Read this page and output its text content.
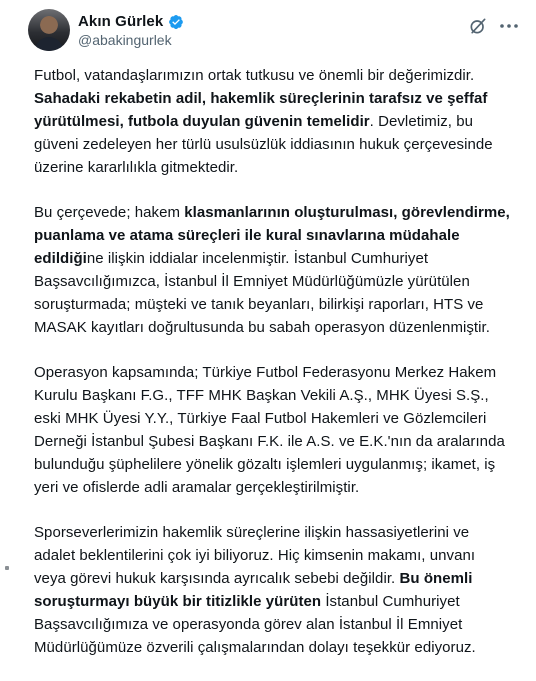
Akın Gürlek
@abakingurlek

Futbol, vatandaşlarımızın ortak tutkusu ve önemli bir değerimizdir. Sahadaki rekabetin adil, hakemlik süreçlerinin tarafsız ve şeffaf yürütülmesi, futbola duyulan güvenin temelidir. Devletimiz, bu güveni zedeleyen her türlü usulsüzlük iddiasının hukuk çerçevesinde üzerine kararlılıkla gitmektedir.

Bu çerçevede; hakem klasmanlarının oluşturulması, görevlendirme, puanlama ve atama süreçleri ile kural sınavlarına müdahale edildiğine ilişkin iddialar incelenmiştir. İstanbul Cumhuriyet Başsavcılığımızca, İstanbul İl Emniyet Müdürlüğümüzle yürütülen soruşturmada; müşteki ve tanık beyanları, bilirkişi raporları, HTS ve MASAK kayıtları doğrultusunda bu sabah operasyon düzenlenmiştir.

Operasyon kapsamında; Türkiye Futbol Federasyonu Merkez Hakem Kurulu Başkanı F.G., TFF MHK Başkan Vekili A.Ş., MHK Üyesi S.Ş., eski MHK Üyesi Y.Y., Türkiye Faal Futbol Hakemleri ve Gözlemcileri Derneği İstanbul Şubesi Başkanı F.K. ile A.S. ve E.K.'nın da aralarında bulunduğu şüphelilere yönelik gözaltı işlemleri uygulanmış; ikamet, iş yeri ve ofislerde adli aramalar gerçekleştirilmiştir.

Sporseverlerimizin hakemlik süreçlerine ilişkin hassasiyetlerini ve adalet beklentilerini çok iyi biliyoruz. Hiç kimsenin makamı, unvanı veya görevi hukuk karşısında ayrıcalık sebebi değildir. Bu önemli soruşturmayı büyük bir titizlikle yürüten İstanbul Cumhuriyet Başsavcılığımıza ve operasyonda görev alan İstanbul İl Emniyet Müdürlüğümüze özverili çalışmalarından dolayı teşekkür ediyoruz.
